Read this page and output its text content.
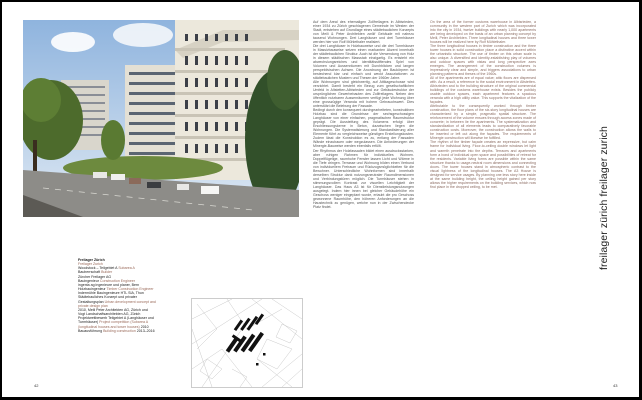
Freilager Zürich
Freilager Zurich
Woodstock – Teilgebiet A Subarea A
Bauherrschaft Builder
Zürcher Freilager AG
Bauingenieur Construction Engineer
ingenta ag ingenieure und planer, Bern
Holzbauingenieur Timber Construction Engineer
Indermühle Bauingenieure HTL SIA, Thun
Städtebauliches Konzept und privater
Gestaltungsplan Urban development concept and
private design plan
2010, Meili Peter Architekten AG, Zürich und
Vogt Landschaftsarchitekten AG, Zürich
Projektwettbewerb Teilgebiet A (Langhäuser und
Turmhäuser) Project competition (Subarea A
(longitudinal houses and tower houses) 2010
Bauausführung Building construction 2013–2016
42

Auf dem Areal des ehemaligen Zollfreilagers in Albisrieden, einer 1934 zu Zürich geschlagenen Gemeinde im Westen der Stadt, entstehen auf Grundlage eines städtebaulichen Konzepts von Meili & Peter Architekten zwölf Gebäude mit nahezu tausend Wohnungen. Drei Langhäuser und drei Turmhäuser werden hier von Rolf Mühlethaler realisiert.

Die drei Langhäuser in Holzbauweise und die drei Turmhäuser in Massivbauweise setzen einen markanten Akzent innerhalb der städtebaulichen Struktur. Auch ist die Verwendung von Holz in diesem städtischen Massstab einzigartig. Es entsteht ein abwechslungsreiches und identitätsstiftendes Spiel von Volumen und Aussenräumen mit Durchblicken und langen perspektivischen Achsen. Die Anordnung der Baukörpern ist bestechend klar und einfach und weckt Assoziationen zu städtebaulichen Mustern und Thesen der 1960er Jahre.

Alle Wohnungen sind gleichwertig, auf Attikageschosse wird verzichtet. Damit besteht ein Bezug zum gesellschaftlichen Umfeld in Altstetten-Albisrieden und zur Gebäudestruktur der ursprünglichen Gewerbebauten des Zollfreilagers. Neben den öffentlich nutzbaren Aussenräumen verfügt jede Wohnung über eine grosszügige Veranda mit hohem Gebrauchswert. Dies unterstützt die Belebung der Fassade.

Bedingt durch den konsequent durchgearbeiteten, konstruktiven Holzbau sind die Grundrisse der sechsgeschossigen Langhäuser von einer einfachen, pragmatischen Raumstruktur geprägt. Die Aussteifung des Volumens erfolgt über Erschliessungskerne in Beton, dazwischen liegen die Wohnungen. Die Systematisierung und Standardisierung aller Elemente führt zu vergleichsweise günstigen Erstellungskosten. Zudem lässt die Konstruktion es zu, entlang der Fassaden Wände einzubauen oder wegzulassen. Die Anforderungen der Minergie-Bauweise werden ebenfalls erfüllt.

Der Rhythmus der Holzfassaden bildet einen ausdrucksstarken, aber ruhigen Rahmen für individuelles Wohnen. Doppelflügelige, raumhohe Fenster lassen Licht und Wärme in die Tiefe dringen. Terrasse und Wohnung bilden einen Verbund von individuellem Freiraum und Rückzugsmöglichkeiten für die Bewohner. Unterschiedliche Wohnformen sind innerhalb derselben Struktur dank nutzungsneutraler Raumdimensionen und Verbindungstüren möglich. Die Turmhäuser stehen in stimmungsvollem Kontrast zur visuellen Leichtigkeit der Langhäuser. Das Haus A3 ist für Dienstleistungsnutzungen ausgelegt. Indem hier innen bei gleicher Gebäudehöhe ein Geschoss weniger eingeplant wurde, erlaubt die pro Geschoss gewonnene Raumhöhe, den höheren Anforderungen an die Haustechnik zu genügen, welche nun in der Zwischendecke Platz findet.

On the area of the former customs warehouse in Albisrieden, a community in the western part of Zurich which was incorporated into the city in 1934, twelve buildings with nearly 1,000 apartments are being developed on the basis of an urban planning concept by Meili, Peter Architekten. Three longitudinal houses and three tower houses will be realized here by Rolf Mühlethaler.

The three longitudinal houses in timber construction and the three tower houses in solid construction place a distinctive accent within the urbanistic structure. The use of timber on this urban scale is also unique. A diversified and identity-establishing play of volumes and outdoor spaces with vistas and long perspective axes emerges. The arrangement of the construction volumes is impressively clear and simple, and triggers associations to urban planning patterns and theses of the 1960s.

All of the apartments are of equal value; attic floors are dispensed with. As a result, a reference to the social environment in Altstetten-Albisrieden and to the building structure of the original commercial buildings of the customs warehouse exists. Besides the publicly usable outdoor spaces, each apartment features a spacious veranda with a high utility value. This supports the vitalization of the façades.

Attributable to the consequently worked through timber construction, the floor plans of the six-story longitudinal houses are characterized by a simple, pragmatic spatial structure. The reinforcement of the volume ensues through access zones made of concrete; in between lie the apartments. The systematization and standardization of all elements leads to comparatively favorable construction costs. Moreover, the construction allows the walls to be inserted or left out along the façades. The requirements of Minergie construction will likewise be fulfilled.

The rhythm of the timber façade creates an expressive, but calm frame for individual living. Floor-to-ceiling double windows let light and warmth penetrate into the depths. Terraces and apartments form a bond of individual open space and possibilities of retreat for the residents. Variable living forms are possible within the same structure thanks to usage-neutral room dimensions and connecting doors. The tower houses stand in atmospheric contrast to the visual lightness of the longitudinal houses. The A3 House is designed for service usages. By planning one less story here inside at the same building height, the ceiling height gained per story allows the higher requirements on the building services, which now find place in the dropped ceiling, to be met.	freilager zürich freilager zurich
43
